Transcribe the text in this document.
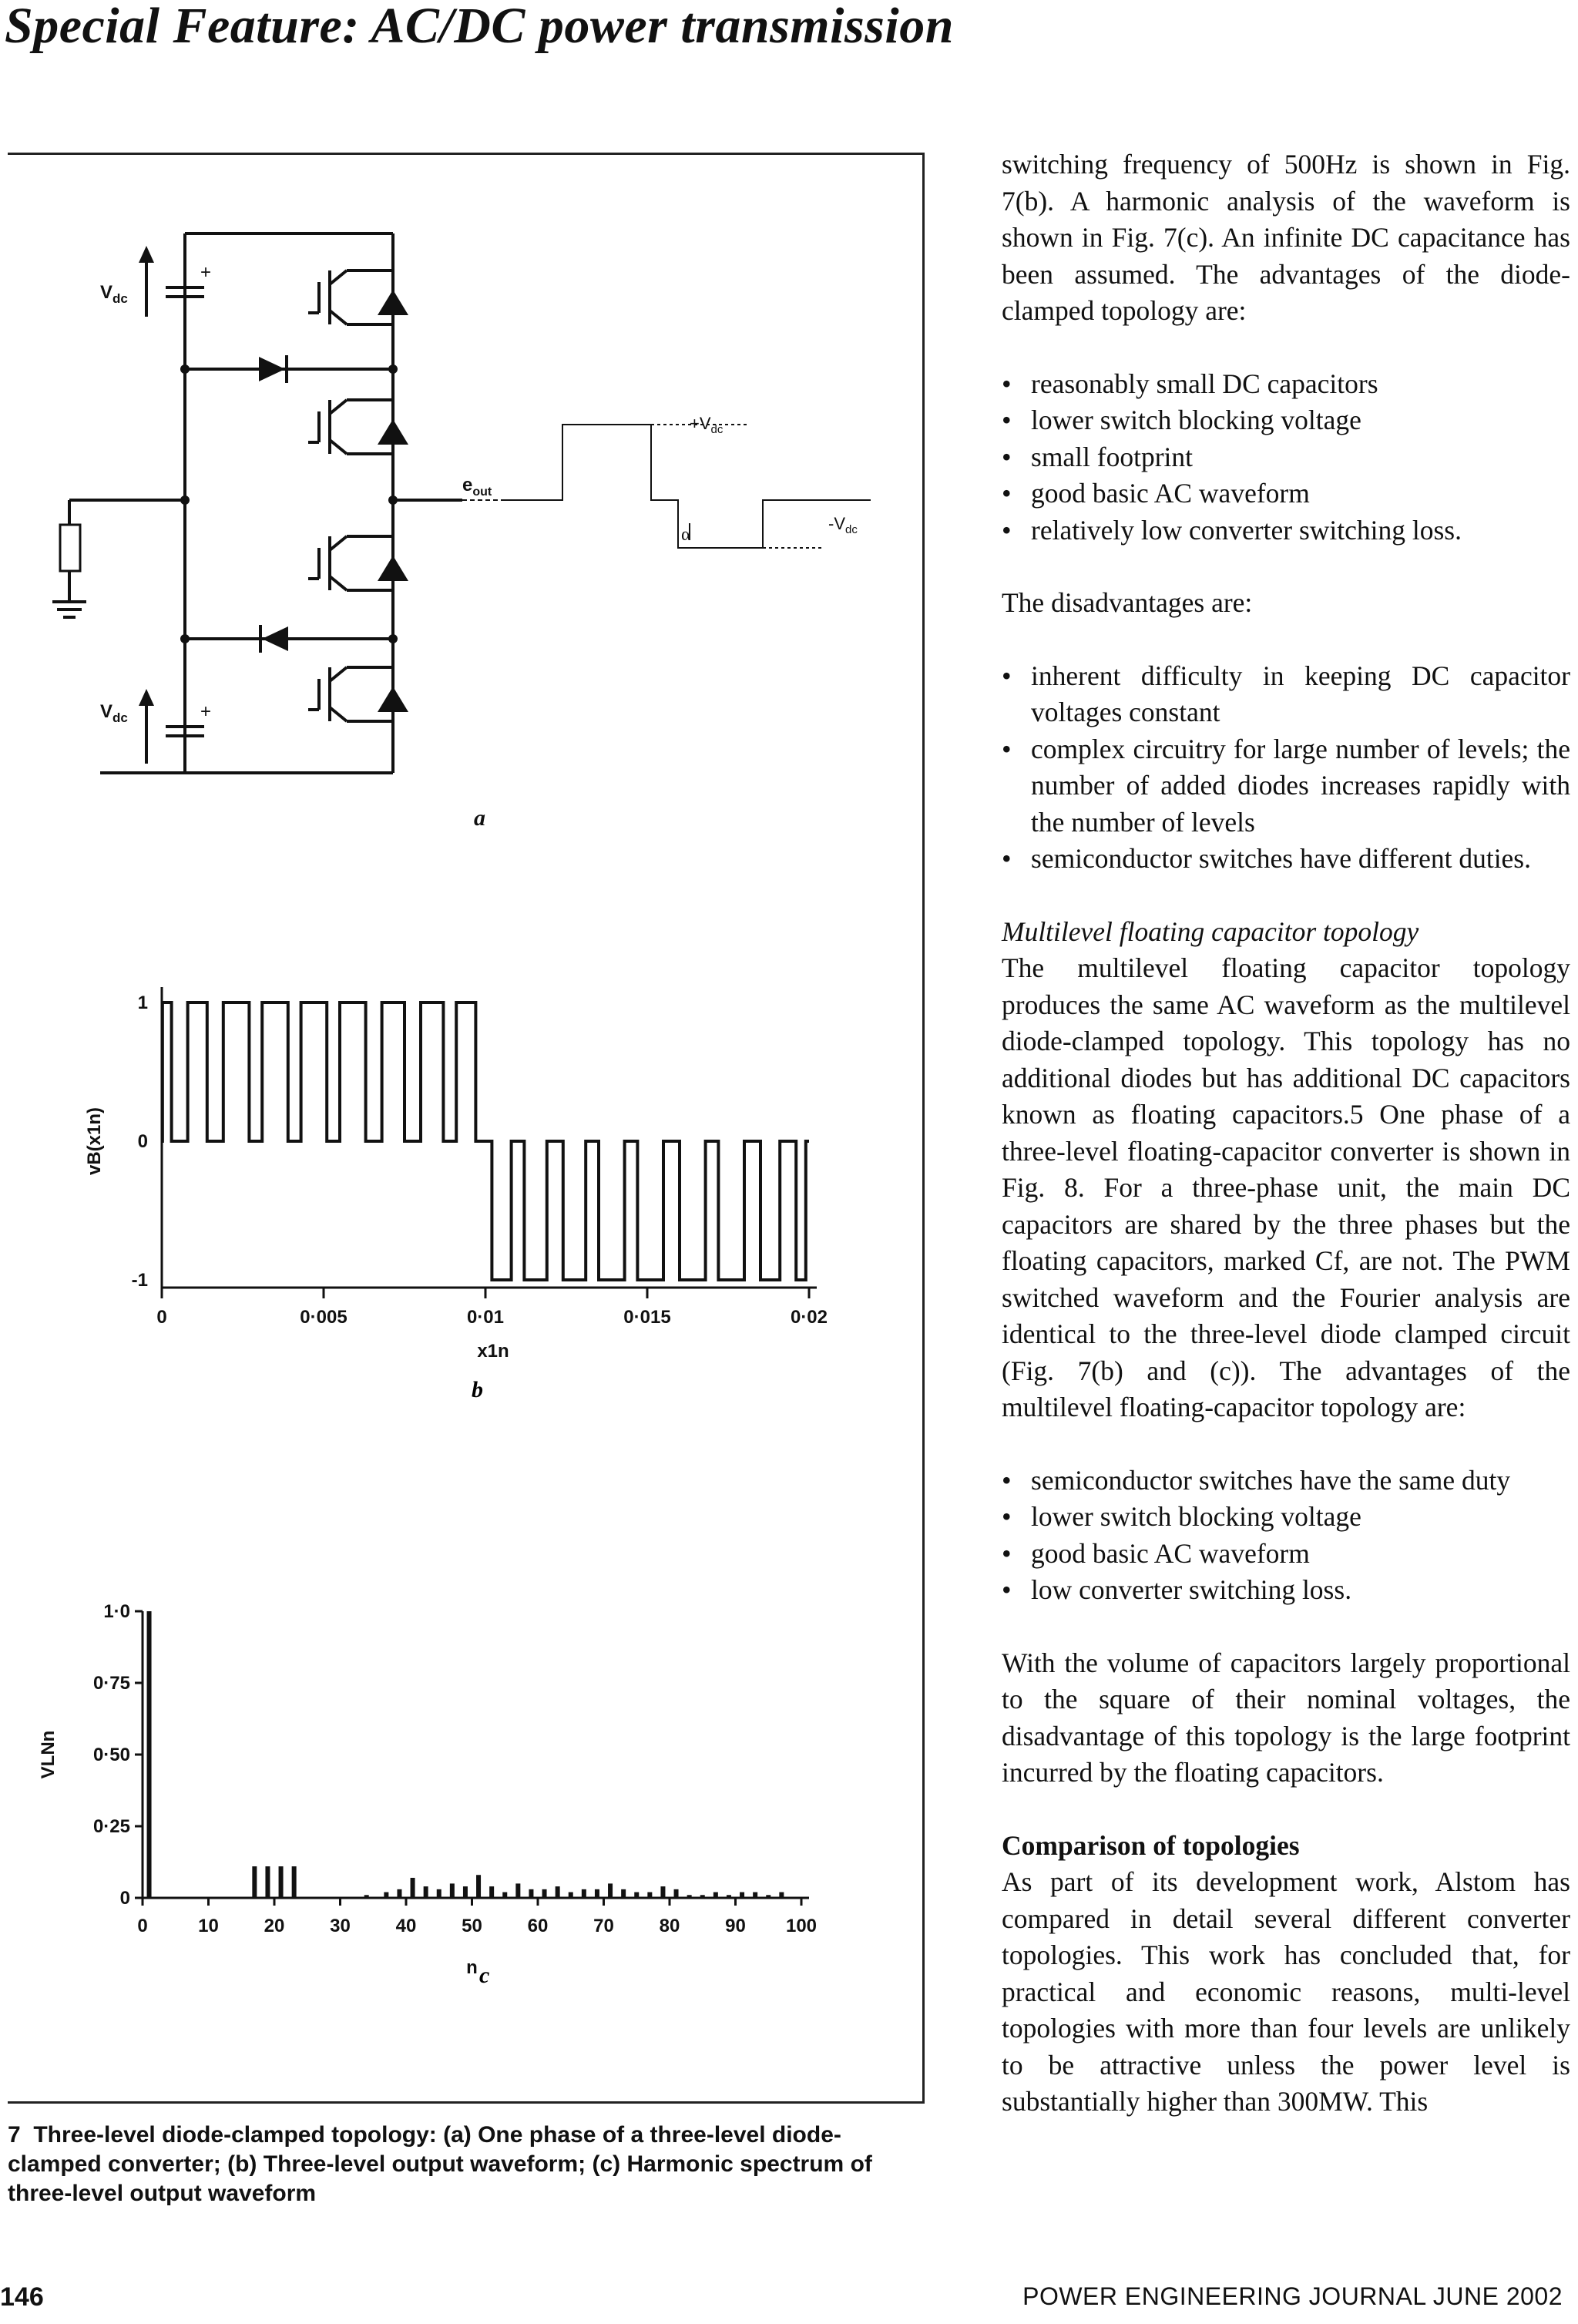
Special Feature: AC/DC power transmission
$V_{dc}$
$V_{dc}$
+
+
$e_{out}$
$+V_{dc}$
$-V_{dc}$
α
a
0	0·005	0·01	0·015	0·02
1
0
-1
x1n
vB(x1n)
b
0	10 20 30 40 50 60 70 80 90 100
1·0
0·75
0·50
0·25
0
n
VLNn
c
7 Three-level diode-clamped topology: (a) One phase of a three-level diode-clamped converter; (b) Three-level output waveform; (c) Harmonic spectrum of three-level output waveform

switching frequency of 500Hz is shown in Fig. 7(b). A harmonic analysis of the waveform is shown in Fig. 7(c). An infinite DC capacitance has been assumed. The advantages of the diode-clamped topology are:

• reasonably small DC capacitors
• lower switch blocking voltage
• small footprint
• good basic AC waveform
• relatively low converter switching loss.

The disadvantages are:

• inherent difficulty in keeping DC capacitor voltages constant
• complex circuitry for large number of levels; the number of added diodes increases rapidly with the number of levels
• semiconductor switches have different duties.
Multilevel floating capacitor topology

The multilevel floating capacitor topology produces the same AC waveform as the multilevel diode-clamped topology. This topology has no additional diodes but has additional DC capacitors known as floating capacitors.5 One phase of a three-level floating-capacitor converter is shown in Fig. 8. For a three-phase unit, the main DC capacitors are shared by the three phases but the floating capacitors, marked Cf, are not. The PWM switched waveform and the Fourier analysis are identical to the three-level diode clamped circuit (Fig. 7(b) and (c)). The advantages of the multilevel floating-capacitor topology are:

• semiconductor switches have the same duty
• lower switch blocking voltage
• good basic AC waveform
• low converter switching loss.

With the volume of capacitors largely proportional to the square of their nominal voltages, the disadvantage of this topology is the large footprint incurred by the floating capacitors.

Comparison of topologies

As part of its development work, Alstom has compared in detail several different converter topologies. This work has concluded that, for practical and economic reasons, multi-level topologies with more than four levels are unlikely to be attractive unless the power level is substantially higher than 300MW. This

146	POWER ENGINEERING JOURNAL JUNE 2002
